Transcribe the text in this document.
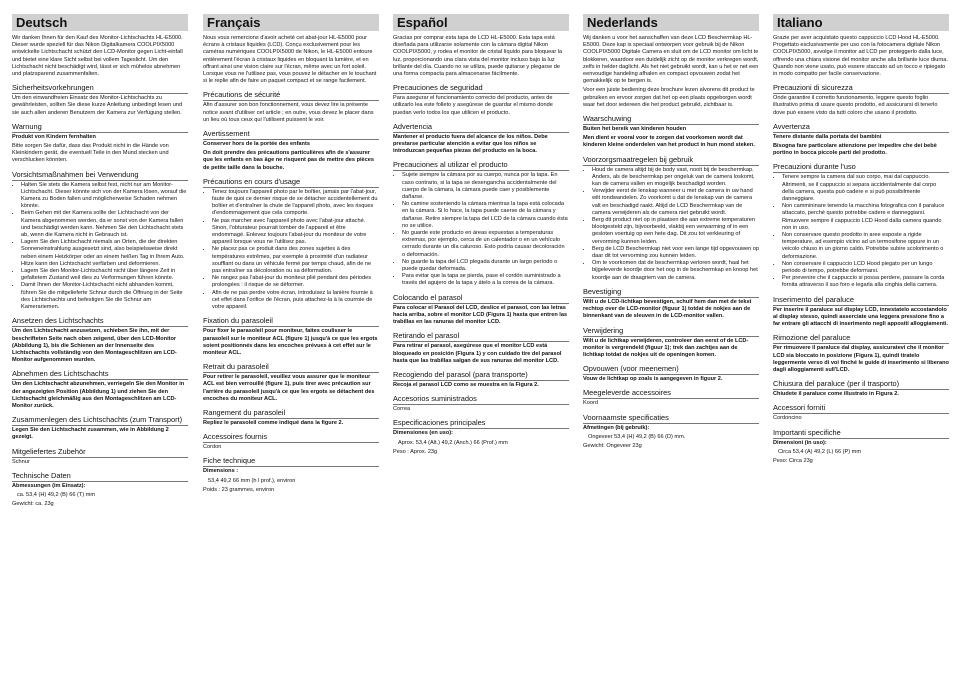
Deutsch

Wir danken Ihnen für den Kauf des Monitor-Lichtschachts HL-E5000. Dieser wurde speziell für das Nikon Digitalkamera COOLPIX5000 entwickelte Lichtschacht schützt den LCD-Monitor gegen Licht-einfall und bietet eine klare Sicht selbst bei vollem Tageslicht. Um den Lichtschacht nicht beschädigt wird, lässt er sich mühelos abnehmen und platzsparend zusammenfalten.

Sicherheitsvorkehrungen

Um den einwandfreien Einsatz des Monitor-Lichtschachts zu gewährleisten, sollten Sie diese kurze Anleitung unbedingt lesen und sie auch allen anderen Benutzern der Kamera zur Verfügung stellen.

Warnung

Produkt von Kindern fernhalten

Bitte sorgen Sie dafür, dass das Produkt nicht in die Hände von Kleinkindern gerät, die eventuell Teile in den Mund stecken und verschlucken könnten.

Vorsichtsmaßnahmen bei Verwendung
• Halten Sie stets die Kamera selbst fest, nicht nur am Monitor-Lichtschacht. Dieser könnte sich von der Kamera lösen, worauf die Kamera zu Boden fallen und möglicherweise Schaden nehmen könnte.
• Beim Gehen mit der Kamera sollte der Lichtschacht von der Kamera abgenommen werden, da er sonst von der Kamera fallen und beschädigt werden kann. Nehmen Sie den Lichtschacht stets ab, wenn die Kamera nicht in Gebrauch ist.
• Lagern Sie den Lichtschacht niemals an Orten, die der direkten Sonneneinstrahlung ausgesetzt sind, also beispielsweise direkt neben einem Heizkörper oder an einem heißen Tag in Ihrem Auto. Hitze kann den Lichtschacht verfärben und deformieren.
• Lagern Sie den Monitor-Lichtschacht nicht über längere Zeit in gefaltetem Zustand weil dies zu Verformungen führen könnte.
• Damit Ihnen der Monitor-Lichtschacht nicht abhanden kommt, führen Sie die mitgelieferte Schnur durch die Öffnung in der Seite des Lichtschachts und befestigen Sie die Schnur am Kamerariemen.
Ansetzen des Lichtschachts

Um den Lichtschacht anzusetzen, schieben Sie ihn, mit der beschrifteten Seite nach oben zeigend, über den LCD-Monitor (Abbildung 1), bis die Schienen an der Innenseite des Lichtschachts vollständig von den Montageschlitzen am LCD-Monitor aufgenommen wurden.

Abnehmen des Lichtschachts

Um den Lichtschacht abzunehmen, verriegeln Sie den Monitor in der angezeigten Position (Abbildung 1) und ziehen Sie den Lichtschacht gleichmäßig aus den Montageschlitzen am LCD-Monitor zurück.

Zusammenlegen des Lichtschachts (zum Transport)

Legen Sie den Lichtschacht zusammen, wie in Abbildung 2 gezeigt.

Mitgeliefertes Zubehör

Schnur

Technische Daten

Abmessungen (im Einsatz):

ca. 53,4 (H) 49,2 (B) 66 (T) mm

Gewicht: ca. 23g

Français

Nous vous remercions d'avoir acheté cet abat-jour HL-E5000 pour écrans à cristaux liquides (LCD). Conçu exclusivement pour les caméras numériques COOLPIX5000 de Nikon, le HL-E5000 entoure entièrement l'écran à cristaux liquides en bloquant la lumière, et en offrant ainsi une vision claire sur l'écran, même avec un fort soleil. Lorsque vous ne l'utilisez pas, vous pouvez le détacher en le touchant si le replie afin de faire un paquet compact et se range facilement.

Précautions de sécurité

Afin d'assurer son bon fonctionnement, vous devez lire la présente notice avant d'utiliser cet article ; en outre, vous devez le placer dans un lieu où tous ceux qui l'utilisent puissent le voir.

Avertissement

Conserver hors de la portée des enfants

On doit prendre des précautions particulières afin de s'assurer que les enfants en bas âge ne risquent pas de mettre des pièces de petite taille dans la bouche.

Précautions en cours d'usage
• Tenez toujours l'appareil photo par le boîtier, jamais par l'abat-jour, faute de quoi ce dernier risque de se détacher accidentellement du boîtier et d'entraîner la chute de l'appareil photo, avec les risques d'endommagement que cela comporte.
• Ne pas marcher avec l'appareil photo avec l'abat-jour attaché. Sinon, l'obturateur pourrait tomber de l'appareil et être endommagé. Enlevez toujours l'abat-jour du moniteur de votre appareil lorsque vous ne l'utilisez pas.
• Ne placez pas ce produit dans des zones sujettes à des températures extrêmes, par exemple à proximité d'un radiateur soufflant ou dans un véhicule fermé par temps chaud, afin de ne pas entraîner sa décoloration ou sa déformation.
• Ne rangez pas l'abat-jour du moniteur plié pendant des périodes prolongées : il risque de se déformer.
• Afin de ne pas perdre votre écran, introduisez la lanière fournie à cet effet dans l'orifice de l'écran, puis attachez-la à la courroie de votre appareil.
Fixation du parasoleil

Pour fixer le parasoleil pour moniteur, faites coulisser le parasoleil sur le moniteur ACL (figure 1) jusqu'à ce que les ergots soient positionnés dans les encoches prévues à cet effet sur le moniteur ACL.

Retrait du parasoleil

Pour retirer le parasoleil, veuillez vous assurer que le moniteur ACL est bien verrouillé (figure 1), puis tirer avec précaution sur l'arrière du parasoleil jusqu'à ce que les ergots se détachent des encoches du moniteur ACL.

Rangement du parasoleil

Repliez le parasoleil comme indiqué dans la figure 2.

Accessoires fournis

Cordon

Fiche technique

Dimensions :

53,4 49,2 66 mm (h l prof.), environ

Poids : 23 grammes, environ

Español

Gracias por comprar esta tapa de LCD HL-E5000. Esta tapa está diseñada para utilizarse solamente con la cámara digital Nikon COOLPIX5000, y rodea el monitor de cristal líquido para bloquear la luz, proporcionando una clara vista del monitor incluso bajo la luz brillante del día. Cuando no se utiliza, puede quitarse y plegarse de una forma compacta para almacenarse fácilmente.

Precauciones de seguridad

Para asegurar el funcionamiento correcto del producto, antes de utilizarlo lea este folleto y asegúrese de guardar el mismo donde puedan verlo todos los que utilicen el producto.

Advertencia

Mantener el producto fuera del alcance de los niños. Debe prestarse particular atención a evitar que los niños se introduzcan pequeñas piezas del producto en la boca.

Precauciones al utilizar el producto
• Sujete siempre la cámara por su cuerpo, nunca por la tapa. En caso contrario, si la tapa se desengancha accidentalmente del cuerpo de la cámara, la cámara puede caer y posiblemente dañarse.
• No camine sosteniendo la cámara mientras la tapa está colocada en la cámara. Si lo hace, la tapa puede caerse de la cámara y dañarse. Retire siempre la tapa del LCD de la cámara cuando ésta no se utilice.
• No guarde este producto en áreas expuestas a temperaturas extremas, por ejemplo, cerca de un calentador o en un vehículo cerrado durante un día caluroso. Esto podría causar decoloración o deformación.
• No guarde la tapa del LCD plegada durante un largo período o puede quedar deformada.
• Para evitar que la tapa se pierda, pase el cordón suministrado a través del agujero de la tapa y átelo a la correa de la cámara.
Colocando el parasol

Para colocar el Parasol del LCD, deslice el parasol, con las letras hacia arriba, sobre el monitor LCD (Figura 1) hasta que entren las trabillas en las ranuras del monitor LCD.

Retirando el parasol

Para retirar el parasol, asegúrese que el monitor LCD está bloqueado en posición (Figura 1) y con cuidado tire del parasol hasta que las trabillas salgan de sus ranuras del monitor LCD.

Recogiendo del parasol (para transporte)

Recoja el parasol LCD como se muestra en la Figura 2.

Accesorios suministrados

Correa

Especificaciones principales

Dimensiones (en uso):

Aprox. 53,4 (Alt.) 49,2 (Anch.) 66 (Prof.) mm

Peso : Aprox. 23g

Nederlands

Wij danken u voor het aanschaffen van deze LCD Beschermkap HL-E5000. Deze kap is speciaal ontworpen voor gebruik bij de Nikon COOLPIX5000 Digitale Camera en sluit om de LCD monitor om licht te blokkeren, waardoor een duidelijk zicht op de monitor verkregen wordt, zelfs in helder daglicht. Als het niet gebruikt wordt, kan u het er net een eenvoudige handeling afhalen en compact opvouwen zodat het gemakkelijk op te bergen is.

Voor een juiste bediening deze brochure lezen alvorens dit product te gebruiken en ervoor zorgen dat het op een plaats opgeborgen wordt waar het door iedereen die het product gebruikt, zichtbaar is.

Waarschuwing

Buiten het bereik van kinderen houden

Men dient er vooral voor te zorgen dat voorkomen wordt dat kinderen kleine onderdelen van het product in hun mond steken.

Voorzorgsmaatregelen bij gebruik
• Houd de camera altijd bij de body vast, nooit bij de beschermkap. Anders, als de beschermkap per ongeluk van de camera loskomt, kan de camera vallen en mogelijk beschadigd worden.
• Verwijder eerst de lenskap wanneer u met de camera in uw hand wilt rondwandelen. Zo voorkomt u dat de lenskap van de camera valt en beschadigd raakt. Altijd de LCD Beschermkap van de camera verwijderen als de camera niet gebruikt wordt.
• Berg dit product niet op in plaatsen die aan extreme temperaturen blootgesteld zijn, bijvoorbeeld, vlakbij een verwarming of in een gesloten voertuig op een hete dag. Dit zou tot verkleuring of vervorming kunnen leiden.
• Berg de LCD Beschermkap niet voor een lange tijd opgevouwen op daar dit tot vervorming zou kunnen leiden.
• Om te voorkomen dat de beschermkap verloren wordt, haal het bijgeleverde koordje door het oog in de beschermkap en knoop het koordje aan de draagriem van de camera.
Bevestiging

Wilt u de LCD-lichtkap bevestigen, schuif hem dan met de tekst rechtop over de LCD-monitor (figuur 1) totdat de nokjes aan de binnenkant van de sleuven in de LCD-monitor vallen.

Verwijdering

Wilt u de lichtkap verwijderen, controleer dan eerst of de LCD-monitor is vergrendeld (figuur 1); trek dan zachtjes aan de lichtkap totdat de nokjes uit de openingen komen.

Opvouwen (voor meenemen)

Vouw de lichtkap op zoals is aangegeven in figuur 2.

Meegeleverde accessoires

Koord

Voornaamste specificaties

Afmetingen (bij gebruik):

Ongeveer 53,4 (H) 49,2 (B) 66 (D) mm.

Gewicht: Ongeveer 23g

Italiano

Grazie per aver acquistato questo cappuccio LCD Hood HL-E5000. Progettato esclusivamente per uso con la fotocamera digitale Nikon COOLPIX5000, avvolge il monitor ad LCD per proteggerlo dalla luce, offrendo una chiara visione del monitor anche alla brillante luce diurna. Quando non viene usato, può essere staccato ad un tocco e ripiegato in modo compatto per facile conservazione.

Precauzioni di sicurezza

Onde garantire il corretto funzionamento, leggere questo foglio illustrativo prima di usare questo prodotto, ed assicurarsi di tenerlo dove può essere visto da tutti coloro che usano il prodotto.

Avvertenza

Tenere distante dalla portata dei bambini

Bisogna fare particolare attenzione per impedire che dei bebè portino in bocca piccole parti del prodotto.

Precauzioni durante l'uso
• Tenere sempre la camera dal suo corpo, mai dal cappuccio. Altrimenti, se il cappuccio si separa accidentalmente dal corpo della camera, questa può cadere e si può possibilmente danneggiare.
• Non cammininare tenendo la macchina fotografica con il paraluce attaccato, perché questo potrebbe cadere e danneggiarsi. Rimuovere sempre il cappuccio LCD Hood dalla camera quando non in uso.
• Non conservare questo prodotto in aree esposte a rigide temperature, ad esempio vicino ad un termosifone oppure in un veicolo chiuso in un giorno caldo. Potrebbe subire scolorimento o deformazione.
• Non conservare il cappuccio LCD Hood piegato per un lungo periodo di tempo, potrebbe deformarsi.
• Per prevenire che il cappuccio si possa perdere, passare la corda fornita attraverso il suo foro e legarla alla cinghia della camera.
Inserimento del paraluce

Per inserire il paraluce sul display LCD, innestatelo accostandolo al display stesso, quindi asserciate una leggera pressione fino a far entrare gli attacchi di inserimento negli appositi alloggiamenti.

Rimozione del paraluce

Per rimuovere il paraluce dal display, assicuratevi che il monitor LCD sia bloccato in posizione (Figura 1), quindi tiratelo leggermente verso di voi finché le guide di inserimento si liberano dagli alloggiamenti sull'LCD.

Chiusura del paraluce (per il trasporto)

Chiudete il paraluce come illustrato in Figura 2.

Accessori forniti

Cordoncino

Importanti specifiche

Dimensioni (in uso):

Circa 53,4 (A) 49,2 (L) 66 (P) mm

Peso: Circa 23g
